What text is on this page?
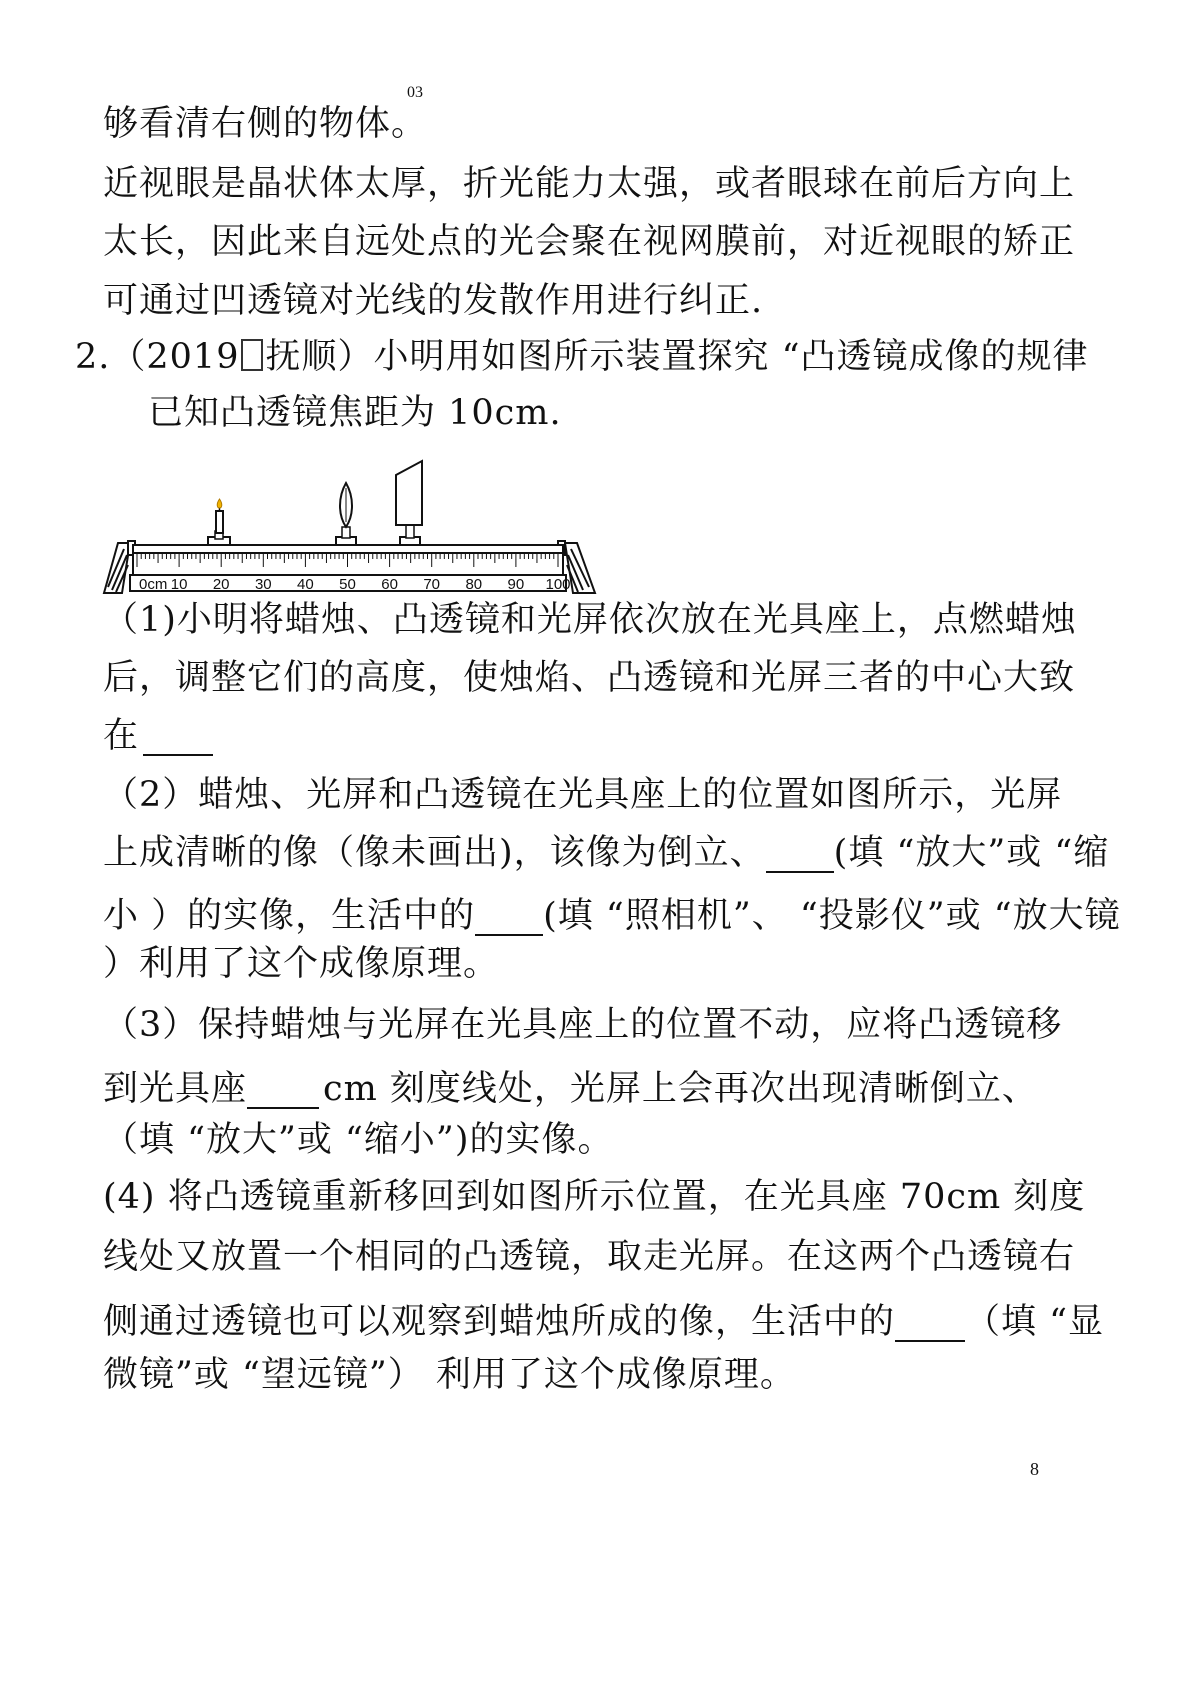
03
够看清右侧的物体。
近视眼是晶状体太厚，折光能力太强，或者眼球在前后方向上
太长，因此来自远处点的光会聚在视网膜前，对近视眼的矫正
可通过凹透镜对光线的发散作用进行纠正.
2.（2019 抚顺）小明用如图所示装置探究 “凸透镜成像的规律
已知凸透镜焦距为 10cm.
0cm 10 20 30 40 50 60 70 80 90 100
（1)小明将蜡烛、凸透镜和光屏依次放在光具座上，点燃蜡烛
后，调整它们的高度，使烛焰、凸透镜和光屏三者的中心大致
在
（2）蜡烛、光屏和凸透镜在光具座上的位置如图所示，光屏
上成清晰的像（像未画出)，该像为倒立、 (填 “放大”或 “缩
小 ）的实像，生活中的 (填 “照相机”、 “投影仪”或 “放大镜
）利用了这个成像原理。
（3）保持蜡烛与光屏在光具座上的位置不动，应将凸透镜移
到光具座 cm 刻度线处，光屏上会再次出现清晰倒立、
（填 “放大”或 “缩小”)的实像。
(4) 将凸透镜重新移回到如图所示位置，在光具座 70cm 刻度
线处又放置一个相同的凸透镜，取走光屏。在这两个凸透镜右
侧通过透镜也可以观察到蜡烛所成的像，生活中的 （填 “显
微镜”或 “望远镜”） 利用了这个成像原理。
8
